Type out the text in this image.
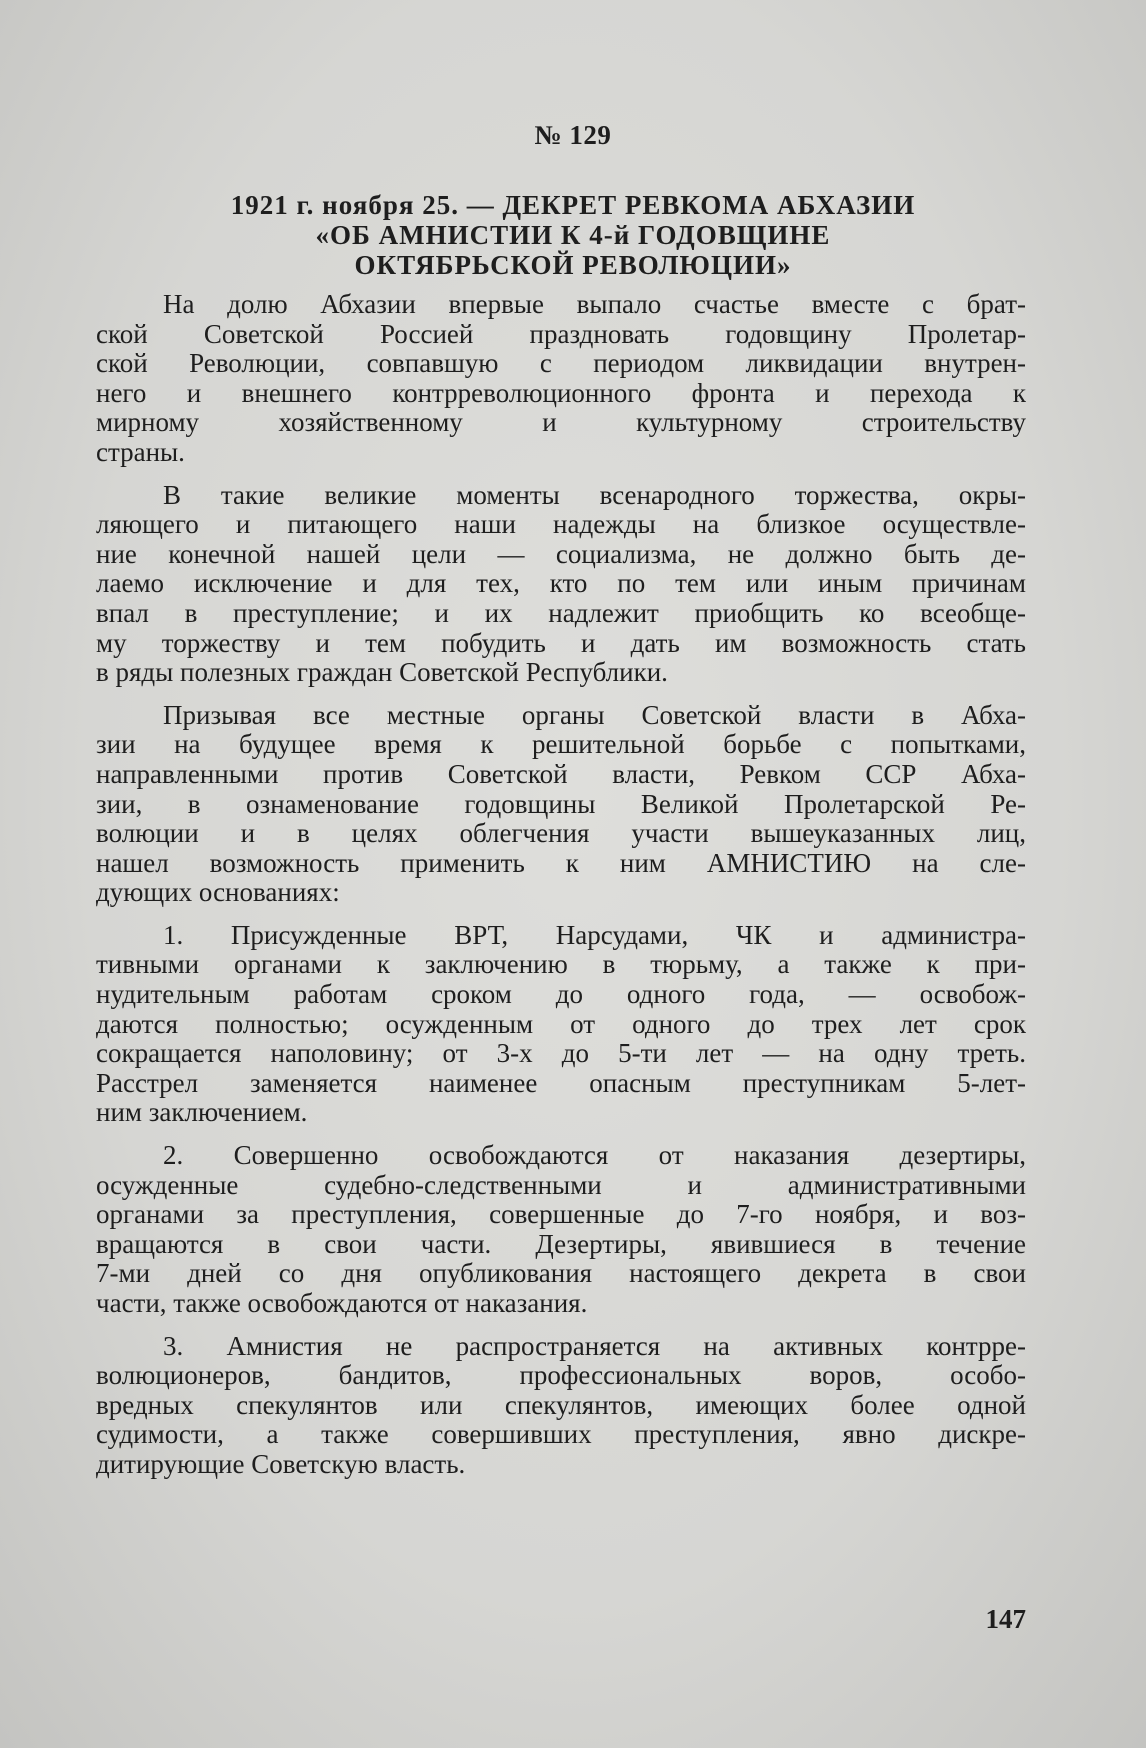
№ 129
1921 г. ноября 25. — ДЕКРЕТ РЕВКОМА АБХАЗИИ
«ОБ АМНИСТИИ К 4-й ГОДОВЩИНЕ
ОКТЯБРЬСКОЙ РЕВОЛЮЦИИ»
На долю Абхазии впервые выпало счастье вместе с брат-
ской Советской Россией праздновать годовщину Пролетар-
ской Революции, совпавшую с периодом ликвидации внутрен-
него и внешнего контрреволюционного фронта и перехода к
мирному хозяйственному и культурному строительству
страны.
В такие великие моменты всенародного торжества, окры-
ляющего и питающего наши надежды на близкое осуществле-
ние конечной нашей цели — социализма, не должно быть де-
лаемо исключение и для тех, кто по тем или иным причинам
впал в преступление; и их надлежит приобщить ко всеобще-
му торжеству и тем побудить и дать им возможность стать
в ряды полезных граждан Советской Республики.
Призывая все местные органы Советской власти в Абха-
зии на будущее время к решительной борьбе с попытками,
направленными против Советской власти, Ревком ССР Абха-
зии, в ознаменование годовщины Великой Пролетарской Ре-
волюции и в целях облегчения участи вышеуказанных лиц,
нашел возможность применить к ним АМНИСТИЮ на сле-
дующих основаниях:
1. Присужденные ВРТ, Нарсудами, ЧК и администра-
тивными органами к заключению в тюрьму, а также к при-
нудительным работам сроком до одного года, — освобож-
даются полностью; осужденным от одного до трех лет срок
сокращается наполовину; от 3-х до 5-ти лет — на одну треть.
Расстрел заменяется наименее опасным преступникам 5-лет-
ним заключением.
2. Совершенно освобождаются от наказания дезертиры,
осужденные судебно-следственными и административными
органами за преступления, совершенные до 7-го ноября, и воз-
вращаются в свои части. Дезертиры, явившиеся в течение
7-ми дней со дня опубликования настоящего декрета в свои
части, также освобождаются от наказания.
3. Амнистия не распространяется на активных контрре-
волюционеров, бандитов, профессиональных воров, особо-
вредных спекулянтов или спекулянтов, имеющих более одной
судимости, а также совершивших преступления, явно дискре-
дитирующие Советскую власть.
147
